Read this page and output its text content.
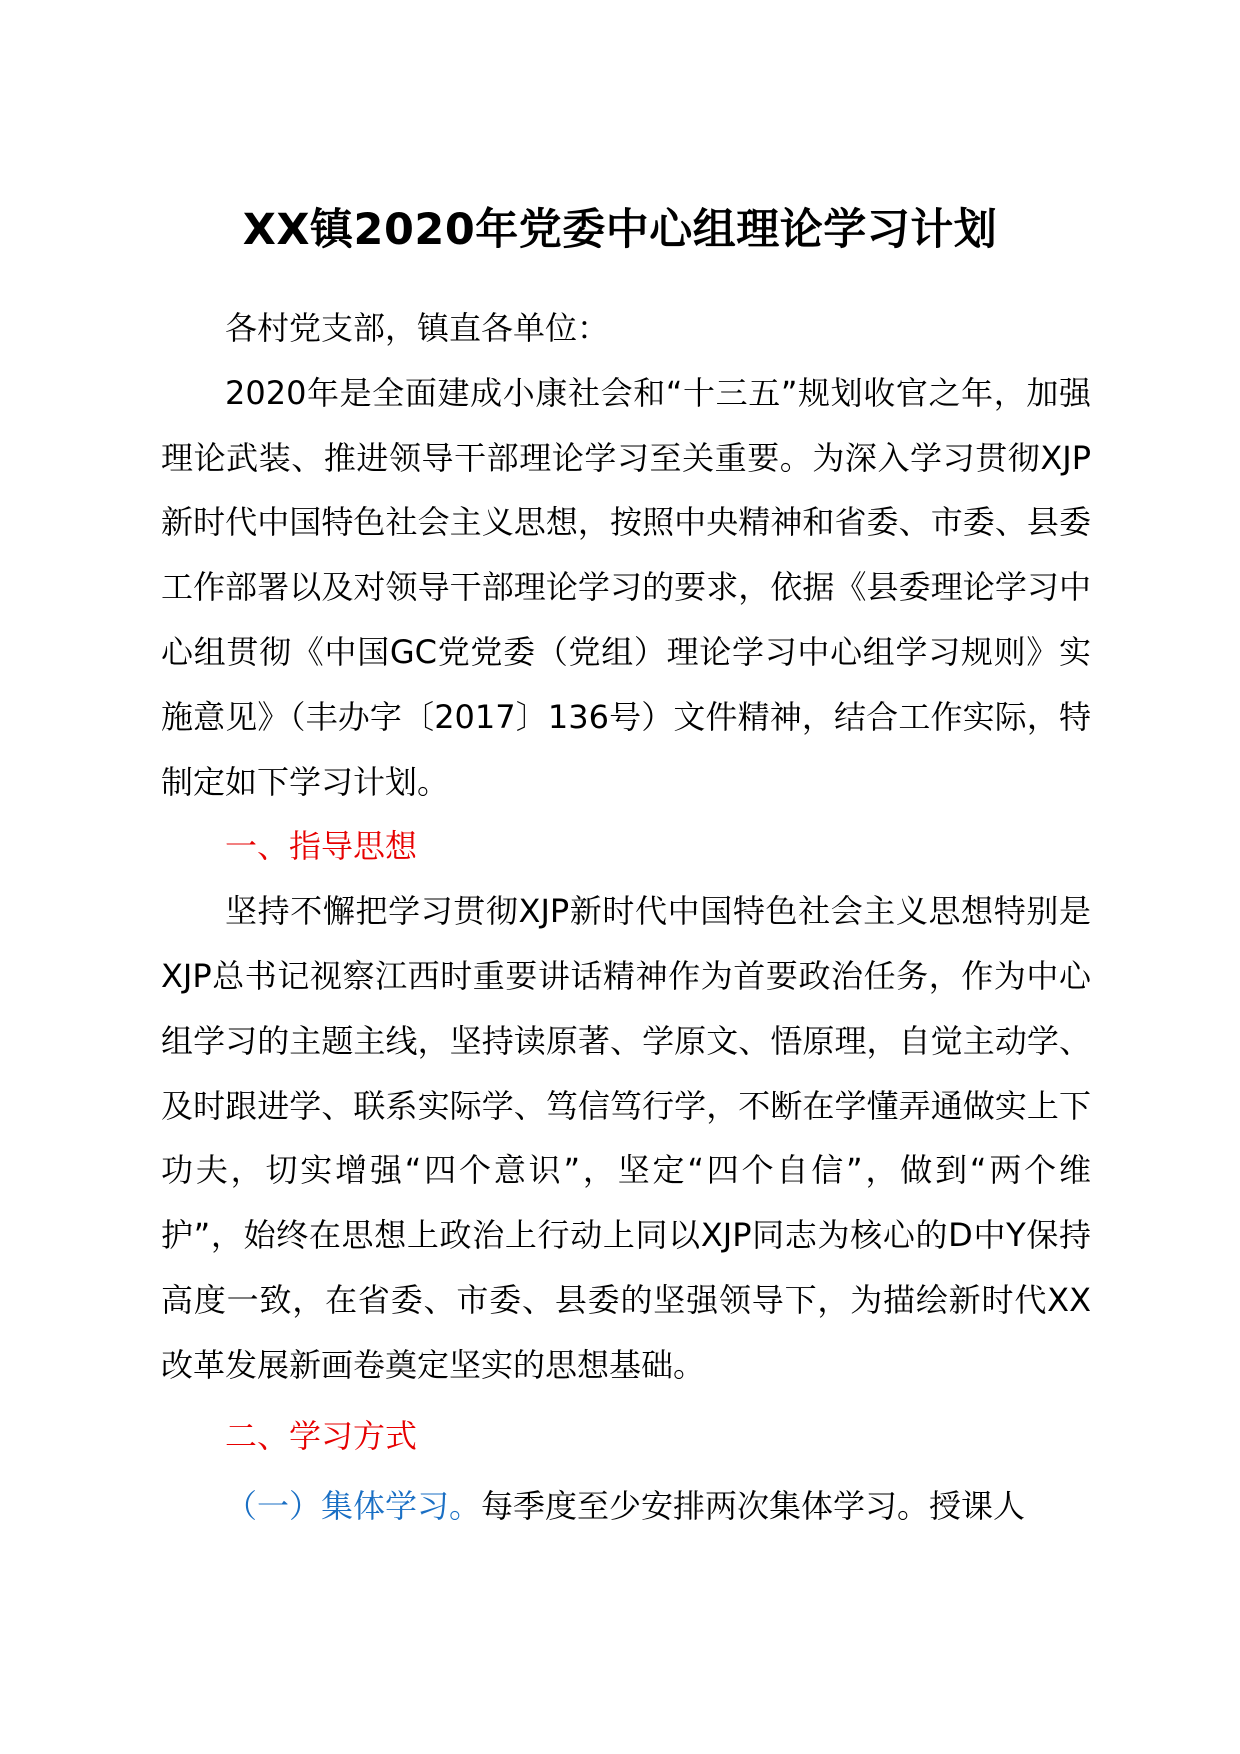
XX镇2020年党委中心组理论学习计划

各村党支部，镇直各单位：

2020年是全面建成小康社会和“十三五”规划收官之年，加强理论武装、推进领导干部理论学习至关重要。为深入学习贯彻XJP新时代中国特色社会主义思想，按照中央精神和省委、市委、县委工作部署以及对领导干部理论学习的要求，依据《县委理论学习中心组贯彻《中国GC党党委（党组）理论学习中心组学习规则》实施意见》（丰办字〔2017〕136号）文件精神，结合工作实际，特制定如下学习计划。

一、指导思想

坚持不懈把学习贯彻XJP新时代中国特色社会主义思想特别是XJP总书记视察江西时重要讲话精神作为首要政治任务，作为中心组学习的主题主线，坚持读原著、学原文、悟原理，自觉主动学、及时跟进学、联系实际学、笃信笃行学，不断在学懂弄通做实上下功夫，切实增强“四个意识”，坚定“四个自信”，做到“两个维护”，始终在思想上政治上行动上同以XJP同志为核心的D中Y保持高度一致，在省委、市委、县委的坚强领导下，为描绘新时代XX改革发展新画卷奠定坚实的思想基础。

二、学习方式

（一）集体学习。每季度至少安排两次集体学习。授课人
